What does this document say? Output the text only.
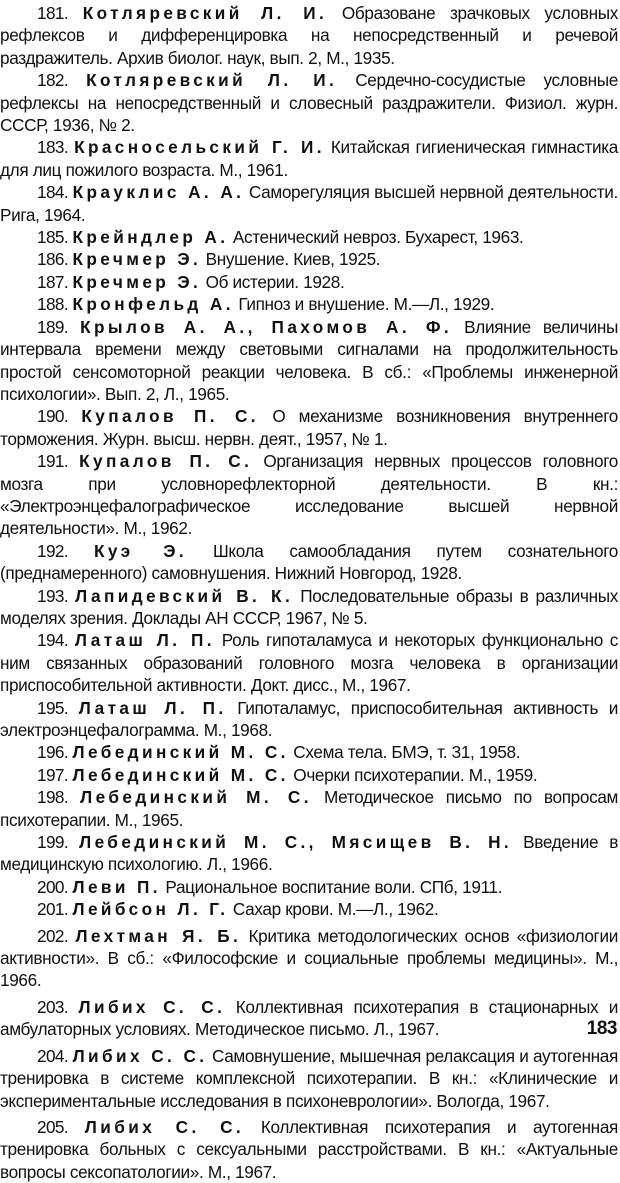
181. Котляревский Л. И. Образоване зрачковых условных рефлексов и дифференцировка на непосредственный и речевой раздражитель. Архив биолог. наук, вып. 2, М., 1935.

182. Котляревский Л. И. Сердечно-сосудистые условные рефлексы на непосредственный и словесный раздражители. Физиол. журн. СССР, 1936, № 2.

183. Красносельский Г. И. Китайская гигиеническая гимнастика для лиц пожилого возраста. М., 1961.

184. Крауклис А. А. Саморегуляция высшей нервной деятельности. Рига, 1964.

185. Крейндлер А. Астенический невроз. Бухарест, 1963.

186. Кречмер Э. Внушение. Киев, 1925.

187. Кречмер Э. Об истерии. 1928.

188. Кронфельд А. Гипноз и внушение. М.—Л., 1929.

189. Крылов А. А., Пахомов А. Ф. Влияние величины интервала времени между световыми сигналами на продолжительность простой сенсомоторной реакции человека. В сб.: «Проблемы инженерной психологии». Вып. 2, Л., 1965.

190. Купалов П. С. О механизме возникновения внутреннего торможения. Журн. высш. нервн. деят., 1957, № 1.

191. Купалов П. С. Организация нервных процессов головного мозга при условнорефлекторной деятельности. В кн.: «Электроэнцефалографическое исследование высшей нервной деятельности». М., 1962.

192. Куэ Э. Школа самообладания путем сознательного (преднамеренного) самовнушения. Нижний Новгород, 1928.

193. Лапидевский В. К. Последовательные образы в различных моделях зрения. Доклады АН СССР, 1967, № 5.

194. Латаш Л. П. Роль гипоталамуса и некоторых функционально с ним связанных образований головного мозга человека в организации приспособительной активности. Докт. дисс., М., 1967.

195. Латаш Л. П. Гипоталамус, приспособительная активность и электроэнцефалограмма. М., 1968.

196. Лебединский М. С. Схема тела. БМЭ, т. 31, 1958.

197. Лебединский М. С. Очерки психотерапии. М., 1959.

198. Лебединский М. С. Методическое письмо по вопросам психотерапии. М., 1965.

199. Лебединский М. С., Мясищев В. Н. Введение в медицинскую психологию. Л., 1966.

200. Леви П. Рациональное воспитание воли. СПб, 1911.

201. Лейбсон Л. Г. Сахар крови. М.—Л., 1962.

202. Лехтман Я. Б. Критика методологических основ «физиологии активности». В сб.: «Философские и социальные проблемы медицины». М., 1966.

203. Либих С. С. Коллективная психотерапия в стационарных и амбулаторных условиях. Методическое письмо. Л., 1967.

204. Либих С. С. Самовнушение, мышечная релаксация и аутогенная тренировка в системе комплексной психотерапии. В кн.: «Клинические и экспериментальные исследования в психоневрологии». Вологда, 1967.

205. Либих С. С. Коллективная психотерапия и аутогенная тренировка больных с сексуальными расстройствами. В кн.: «Актуальные вопросы сексопатологии». М., 1967.

183
